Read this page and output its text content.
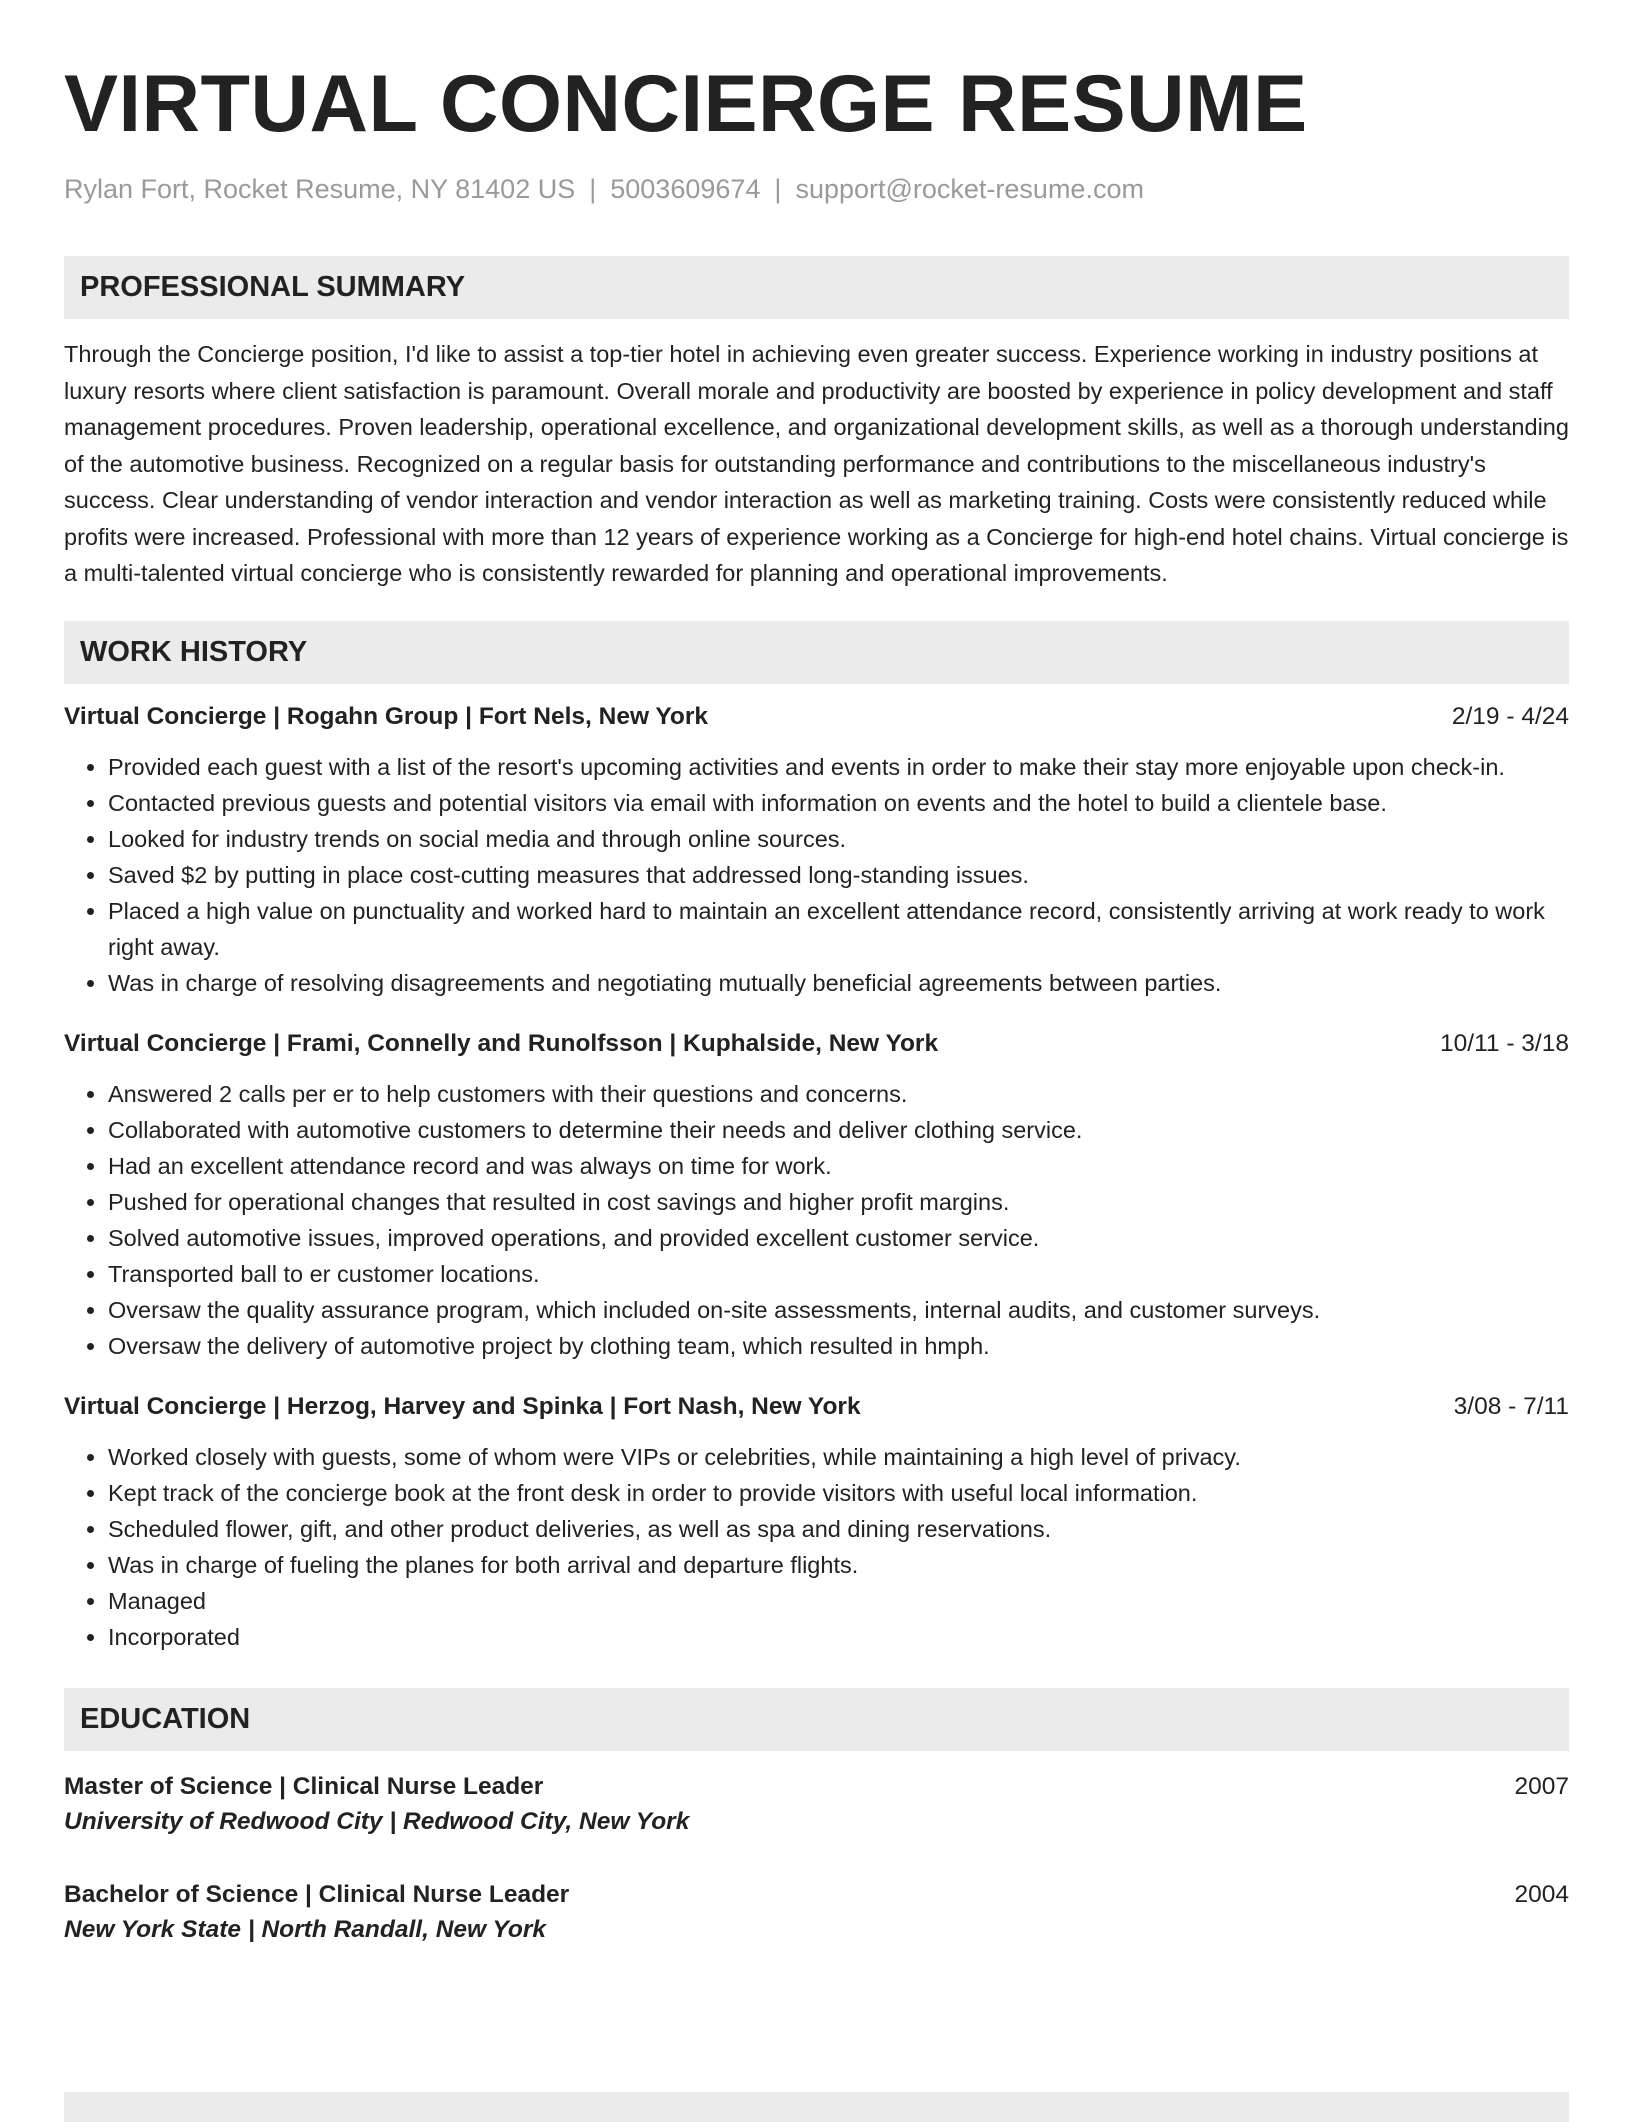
VIRTUAL CONCIERGE RESUME
Rylan Fort, Rocket Resume, NY 81402 US | 5003609674 | support@rocket-resume.com
PROFESSIONAL SUMMARY
Through the Concierge position, I'd like to assist a top-tier hotel in achieving even greater success. Experience working in industry positions at luxury resorts where client satisfaction is paramount. Overall morale and productivity are boosted by experience in policy development and staff management procedures. Proven leadership, operational excellence, and organizational development skills, as well as a thorough understanding of the automotive business. Recognized on a regular basis for outstanding performance and contributions to the miscellaneous industry's success. Clear understanding of vendor interaction and vendor interaction as well as marketing training. Costs were consistently reduced while profits were increased. Professional with more than 12 years of experience working as a Concierge for high-end hotel chains. Virtual concierge is a multi-talented virtual concierge who is consistently rewarded for planning and operational improvements.
WORK HISTORY
Virtual Concierge | Rogahn Group | Fort Nels, New York	2/19 - 4/24
• Provided each guest with a list of the resort's upcoming activities and events in order to make their stay more enjoyable upon check-in.
• Contacted previous guests and potential visitors via email with information on events and the hotel to build a clientele base.
• Looked for industry trends on social media and through online sources.
• Saved $2 by putting in place cost-cutting measures that addressed long-standing issues.
• Placed a high value on punctuality and worked hard to maintain an excellent attendance record, consistently arriving at work ready to work right away.
• Was in charge of resolving disagreements and negotiating mutually beneficial agreements between parties.
Virtual Concierge | Frami, Connelly and Runolfsson | Kuphalside, New York	10/11 - 3/18
• Answered 2 calls per er to help customers with their questions and concerns.
• Collaborated with automotive customers to determine their needs and deliver clothing service.
• Had an excellent attendance record and was always on time for work.
• Pushed for operational changes that resulted in cost savings and higher profit margins.
• Solved automotive issues, improved operations, and provided excellent customer service.
• Transported ball to er customer locations.
• Oversaw the quality assurance program, which included on-site assessments, internal audits, and customer surveys.
• Oversaw the delivery of automotive project by clothing team, which resulted in hmph.
Virtual Concierge | Herzog, Harvey and Spinka | Fort Nash, New York	3/08 - 7/11
• Worked closely with guests, some of whom were VIPs or celebrities, while maintaining a high level of privacy.
• Kept track of the concierge book at the front desk in order to provide visitors with useful local information.
• Scheduled flower, gift, and other product deliveries, as well as spa and dining reservations.
• Was in charge of fueling the planes for both arrival and departure flights.
• Managed
• Incorporated
EDUCATION
Master of Science | Clinical Nurse Leader	2007
University of Redwood City | Redwood City, New York
Bachelor of Science | Clinical Nurse Leader	2004
New York State | North Randall, New York
